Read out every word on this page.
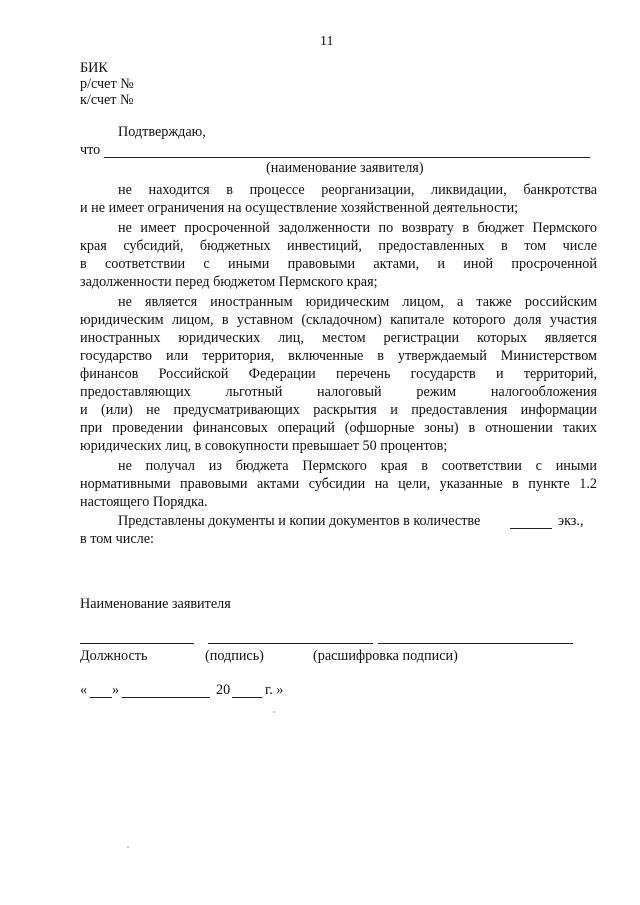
11
БИК
р/счет №
к/счет №
Подтверждаю,
что
(наименование заявителя)
не находится в процессе реорганизации, ликвидации, банкротства
и не имеет ограничения на осуществление хозяйственной деятельности;
не имеет просроченной задолженности по возврату в бюджет Пермского
края субсидий, бюджетных инвестиций, предоставленных в том числе
в соответствии с иными правовыми актами, и иной просроченной
задолженности перед бюджетом Пермского края;
не является иностранным юридическим лицом, а также российским
юридическим лицом, в уставном (складочном) капитале которого доля участия
иностранных юридических лиц, местом регистрации которых является
государство или территория, включенные в утверждаемый Министерством
финансов Российской Федерации перечень государств и территорий,
предоставляющих льготный налоговый режим налогообложения
и (или) не предусматривающих раскрытия и предоставления информации
при проведении финансовых операций (офшорные зоны) в отношении таких
юридических лиц, в совокупности превышает 50 процентов;
не получал из бюджета Пермского края в соответствии с иными
нормативными правовыми актами субсидии на цели, указанные в пункте 1.2
настоящего Порядка.
Представлены документы и копии документов в количестве	экз.,
в том числе:
Наименование заявителя
Должность	(подпись)	(расшифровка подписи)
« »	20 г. »
